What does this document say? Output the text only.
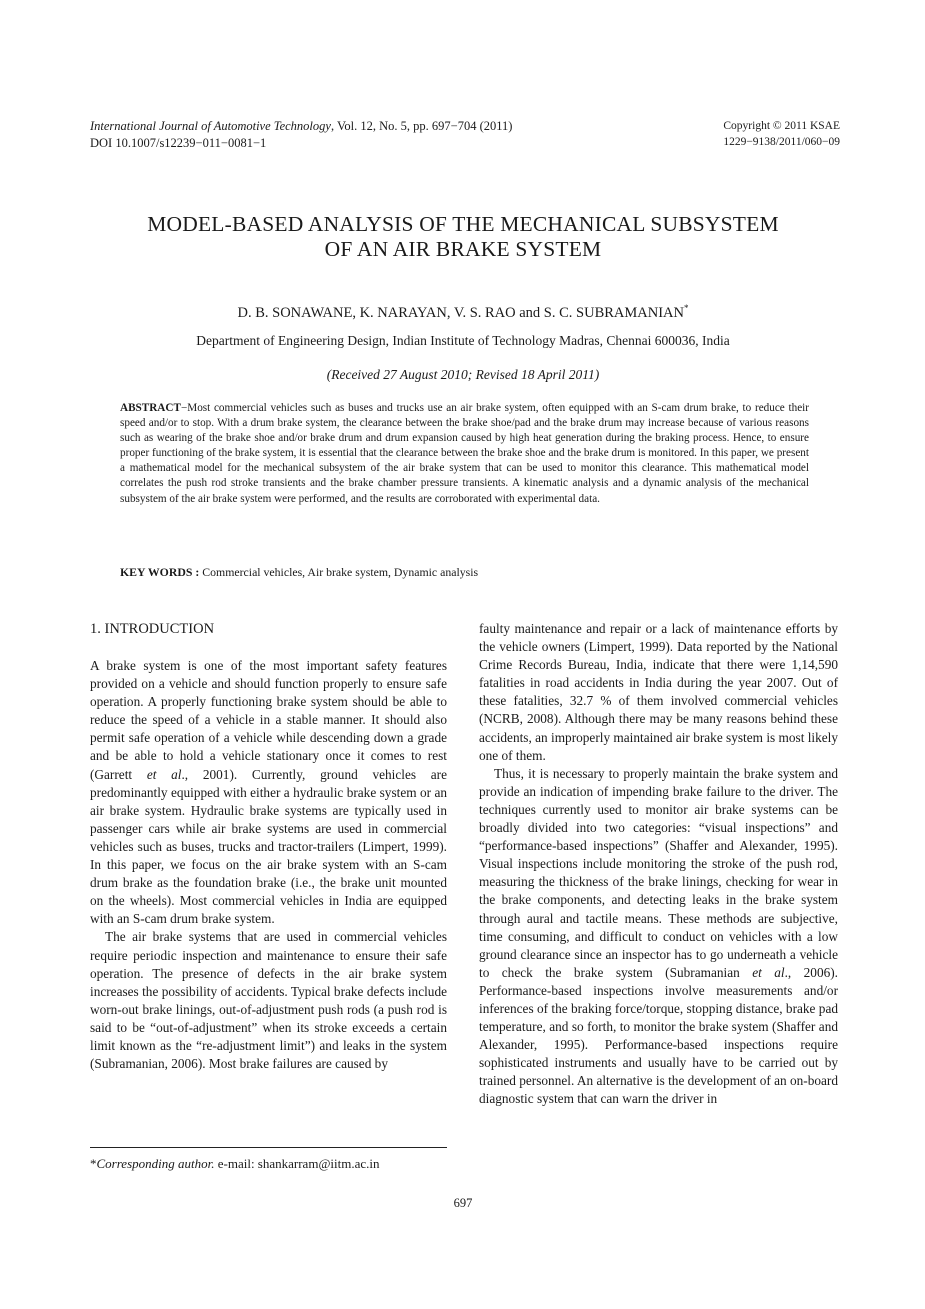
International Journal of Automotive Technology, Vol. 12, No. 5, pp. 697−704 (2011)
DOI 10.1007/s12239−011−0081−1
Copyright © 2011 KSAE
1229−9138/2011/060−09
MODEL-BASED ANALYSIS OF THE MECHANICAL SUBSYSTEM
OF AN AIR BRAKE SYSTEM
D. B. SONAWANE, K. NARAYAN, V. S. RAO and S. C. SUBRAMANIAN*
Department of Engineering Design, Indian Institute of Technology Madras, Chennai 600036, India
(Received 27 August 2010; Revised 18 April 2011)
ABSTRACT−Most commercial vehicles such as buses and trucks use an air brake system, often equipped with an S-cam drum brake, to reduce their speed and/or to stop. With a drum brake system, the clearance between the brake shoe/pad and the brake drum may increase because of various reasons such as wearing of the brake shoe and/or brake drum and drum expansion caused by high heat generation during the braking process. Hence, to ensure proper functioning of the brake system, it is essential that the clearance between the brake shoe and the brake drum is monitored. In this paper, we present a mathematical model for the mechanical subsystem of the air brake system that can be used to monitor this clearance. This mathematical model correlates the push rod stroke transients and the brake chamber pressure transients. A kinematic analysis and a dynamic analysis of the mechanical subsystem of the air brake system were performed, and the results are corroborated with experimental data.
KEY WORDS : Commercial vehicles, Air brake system, Dynamic analysis
1. INTRODUCTION

A brake system is one of the most important safety features provided on a vehicle and should function properly to ensure safe operation. A properly functioning brake system should be able to reduce the speed of a vehicle in a stable manner. It should also permit safe operation of a vehicle while descending down a grade and be able to hold a vehicle stationary once it comes to rest (Garrett et al., 2001). Currently, ground vehicles are predominantly equipped with either a hydraulic brake system or an air brake system. Hydraulic brake systems are typically used in passenger cars while air brake systems are used in commercial vehicles such as buses, trucks and tractor-trailers (Limpert, 1999). In this paper, we focus on the air brake system with an S-cam drum brake as the foundation brake (i.e., the brake unit mounted on the wheels). Most commercial vehicles in India are equipped with an S-cam drum brake system.

The air brake systems that are used in commercial vehicles require periodic inspection and maintenance to ensure their safe operation. The presence of defects in the air brake system increases the possibility of accidents. Typical brake defects include worn-out brake linings, out-of-adjustment push rods (a push rod is said to be “out-of-adjustment” when its stroke exceeds a certain limit known as the “re-adjustment limit”) and leaks in the system (Subramanian, 2006). Most brake failures are caused by

faulty maintenance and repair or a lack of maintenance efforts by the vehicle owners (Limpert, 1999). Data reported by the National Crime Records Bureau, India, indicate that there were 1,14,590 fatalities in road accidents in India during the year 2007. Out of these fatalities, 32.7 % of them involved commercial vehicles (NCRB, 2008). Although there may be many reasons behind these accidents, an improperly maintained air brake system is most likely one of them.

Thus, it is necessary to properly maintain the brake system and provide an indication of impending brake failure to the driver. The techniques currently used to monitor air brake systems can be broadly divided into two categories: “visual inspections” and “performance-based inspections” (Shaffer and Alexander, 1995). Visual inspections include monitoring the stroke of the push rod, measuring the thickness of the brake linings, checking for wear in the brake components, and detecting leaks in the brake system through aural and tactile means. These methods are subjective, time consuming, and difficult to conduct on vehicles with a low ground clearance since an inspector has to go underneath a vehicle to check the brake system (Subramanian et al., 2006). Performance-based inspections involve measurements and/or inferences of the braking force/torque, stopping distance, brake pad temperature, and so forth, to monitor the brake system (Shaffer and Alexander, 1995). Performance-based inspections require sophisticated instruments and usually have to be carried out by trained personnel. An alternative is the development of an on-board diagnostic system that can warn the driver in

*Corresponding author. e-mail: shankarram@iitm.ac.in
697
